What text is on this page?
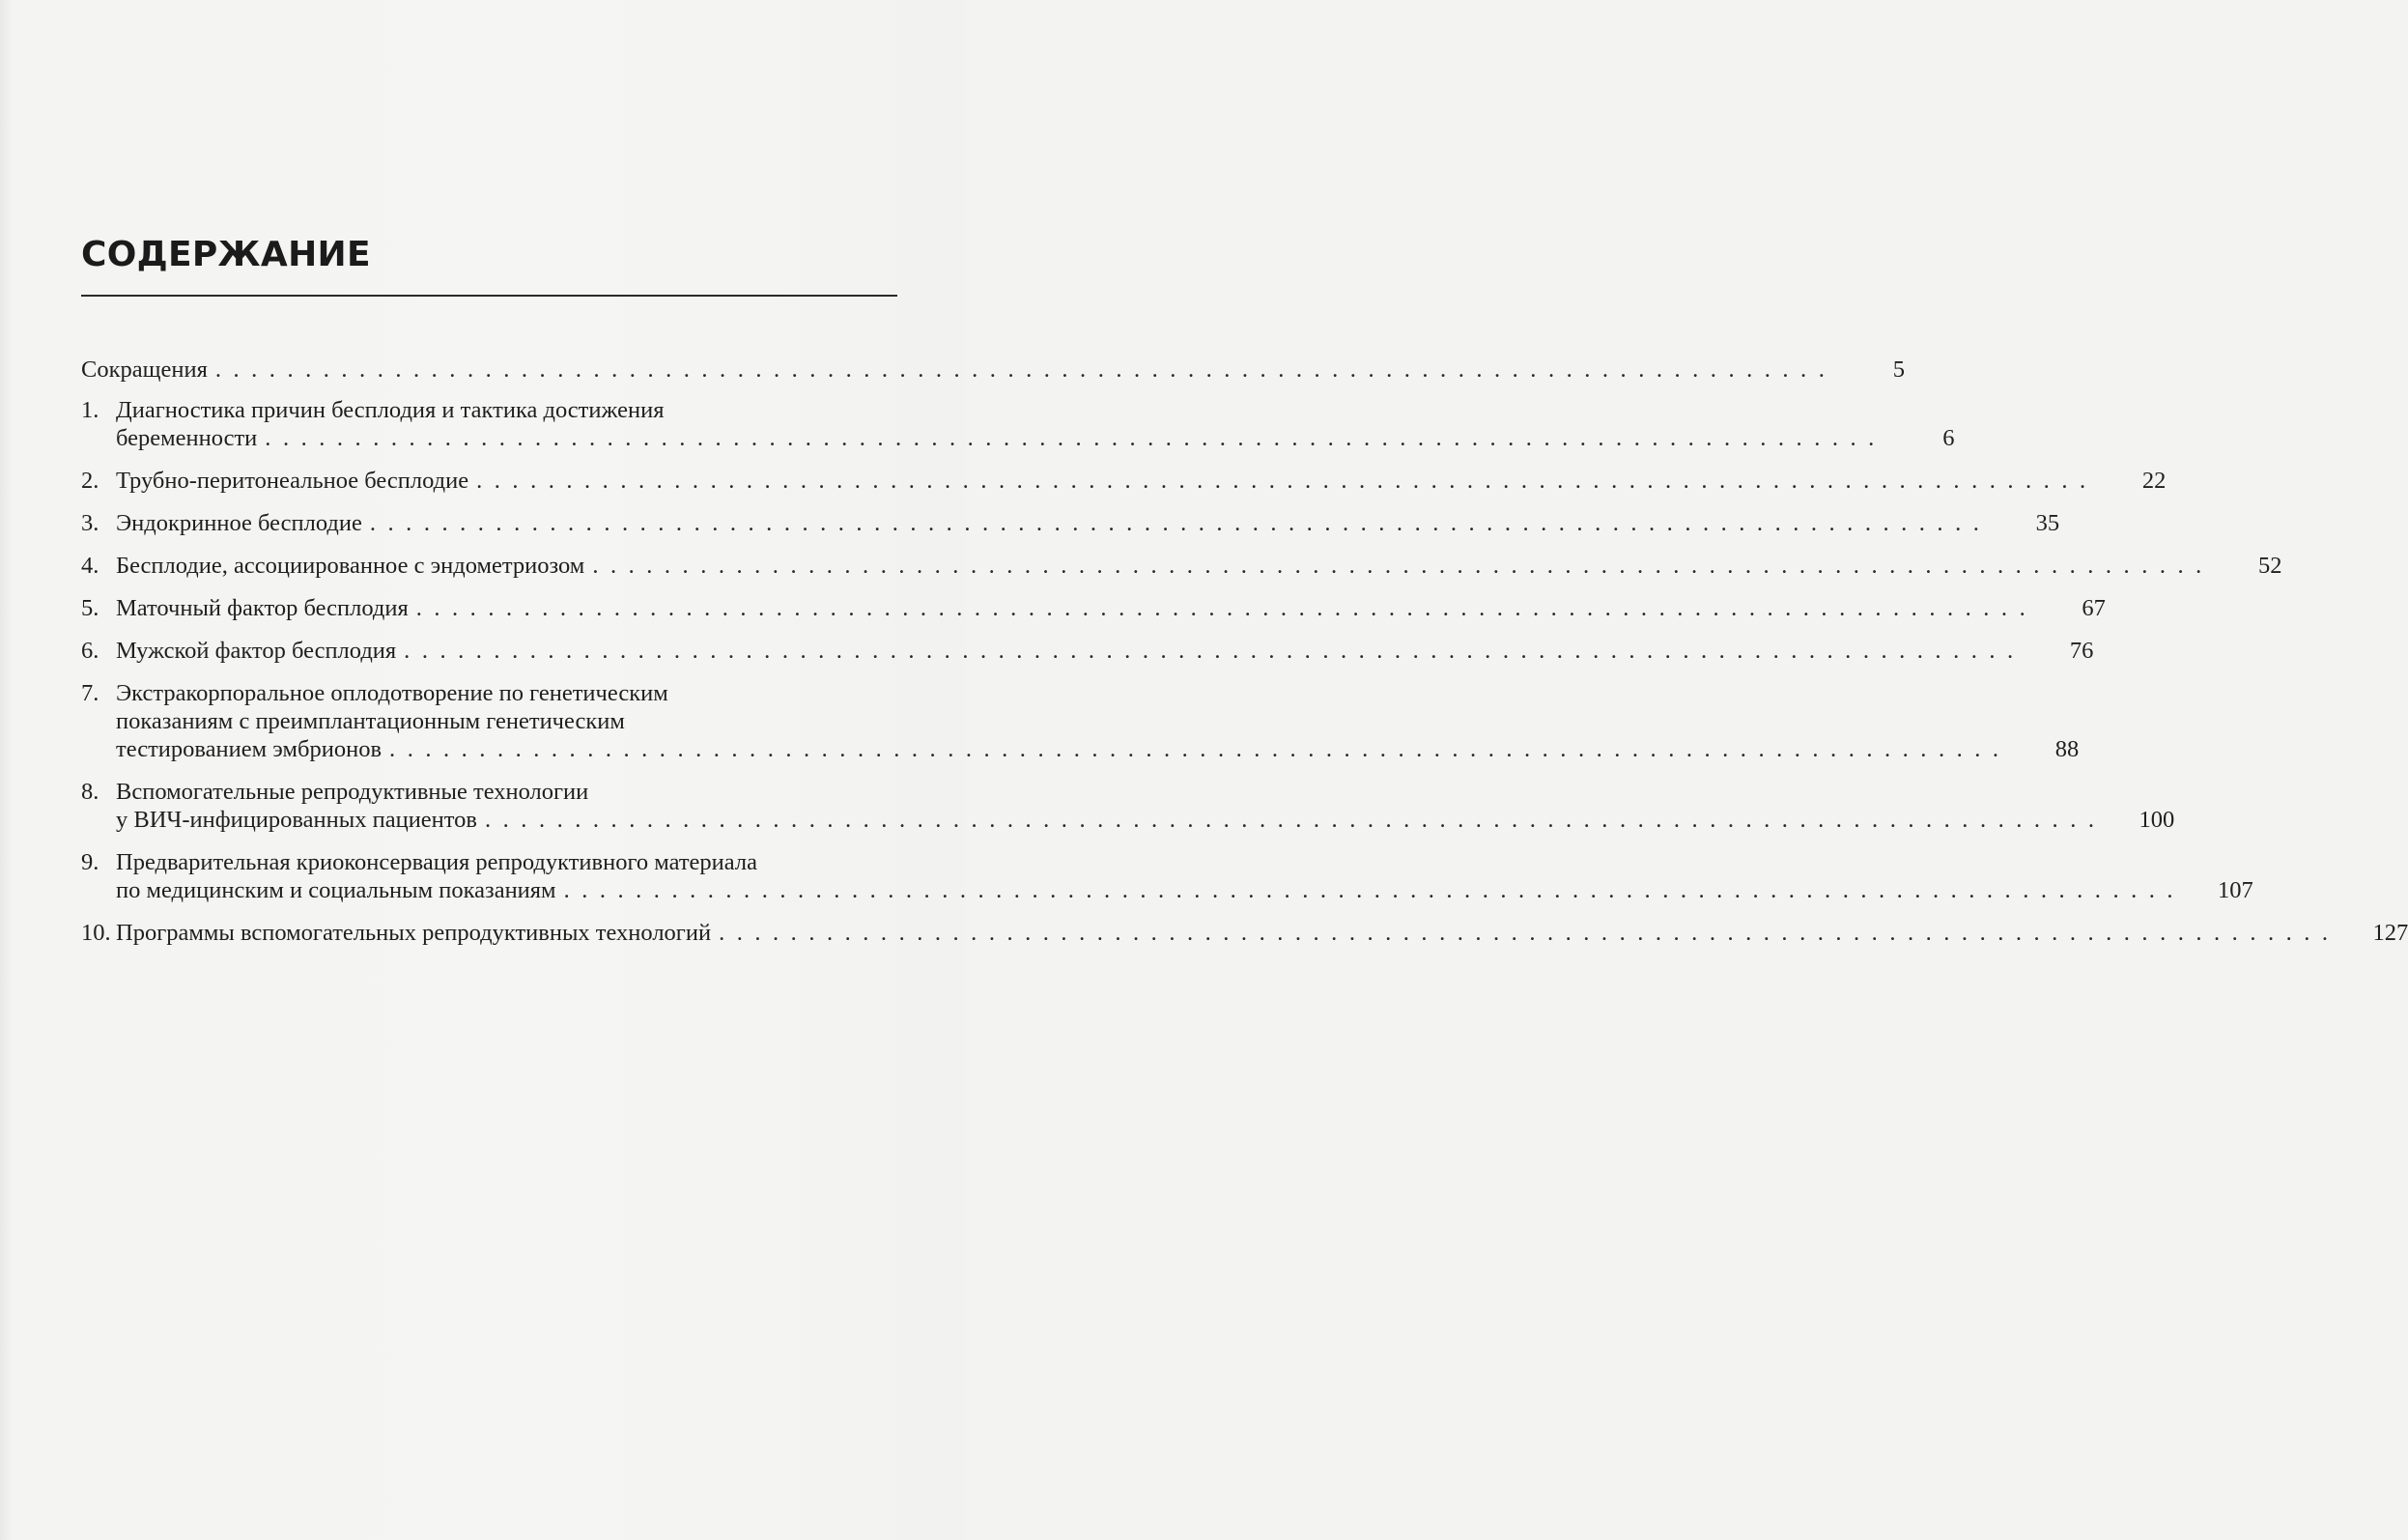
СОДЕРЖАНИЕ
Сокращения . . . . . . . . . . . . . . . . . . . . . . . . . . . . . . . . . . . . . . . . . . . . . . . . . . . . . . . . . . . . . . . . . . . . . . . . . . . . . . . . . . . . . . . . . .	5
1. Диагностика причин бесплодия и тактика достижения
беременности . . . . . . . . . . . . . . . . . . . . . . . . . . . . . . . . . . . . . . . . . . . . . . . . . . . . . . . . . . . . . . . . . . . . . . . . . . . . . . . . . . . . . . . . . .	6
2. Трубно-перитонеальное бесплодие . . . . . . . . . . . . . . . . . . . . . . . . . . . . . . . . . . . . . . . . . . . . . . . . . . . . . . . . . . . . . . . . . . . . . . . . . . . . . . . . . . . . . . . . . .	22
3. Эндокринное бесплодие . . . . . . . . . . . . . . . . . . . . . . . . . . . . . . . . . . . . . . . . . . . . . . . . . . . . . . . . . . . . . . . . . . . . . . . . . . . . . . . . . . . . . . . . . .	35
4. Бесплодие, ассоциированное с эндометриозом . . . . . . . . . . . . . . . . . . . . . . . . . . . . . . . . . . . . . . . . . . . . . . . . . . . . . . . . . . . . . . . . . . . . . . . . . . . . . . . . . . . . . . . . . .	52
5. Маточный фактор бесплодия . . . . . . . . . . . . . . . . . . . . . . . . . . . . . . . . . . . . . . . . . . . . . . . . . . . . . . . . . . . . . . . . . . . . . . . . . . . . . . . . . . . . . . . . . .	67
6. Мужской фактор бесплодия . . . . . . . . . . . . . . . . . . . . . . . . . . . . . . . . . . . . . . . . . . . . . . . . . . . . . . . . . . . . . . . . . . . . . . . . . . . . . . . . . . . . . . . . . .	76
7. Экстракорпоральное оплодотворение по генетическим
показаниям с преимплантационным генетическим
тестированием эмбрионов . . . . . . . . . . . . . . . . . . . . . . . . . . . . . . . . . . . . . . . . . . . . . . . . . . . . . . . . . . . . . . . . . . . . . . . . . . . . . . . . . . . . . . . . . .	88
8. Вспомогательные репродуктивные технологии
у ВИЧ-инфицированных пациентов . . . . . . . . . . . . . . . . . . . . . . . . . . . . . . . . . . . . . . . . . . . . . . . . . . . . . . . . . . . . . . . . . . . . . . . . . . . . . . . . . . . . . . . . . .	100
9. Предварительная криоконсервация репродуктивного материала
по медицинским и социальным показаниям . . . . . . . . . . . . . . . . . . . . . . . . . . . . . . . . . . . . . . . . . . . . . . . . . . . . . . . . . . . . . . . . . . . . . . . . . . . . . . . . . . . . . . . . . .	107
10. Программы вспомогательных репродуктивных технологий . . . . . . . . . . . . . . . . . . . . . . . . . . . . . . . . . . . . . . . . . . . . . . . . . . . . . . . . . . . . . . . . . . . . . . . . . . . . . . . . . . . . . . . . . .	127
